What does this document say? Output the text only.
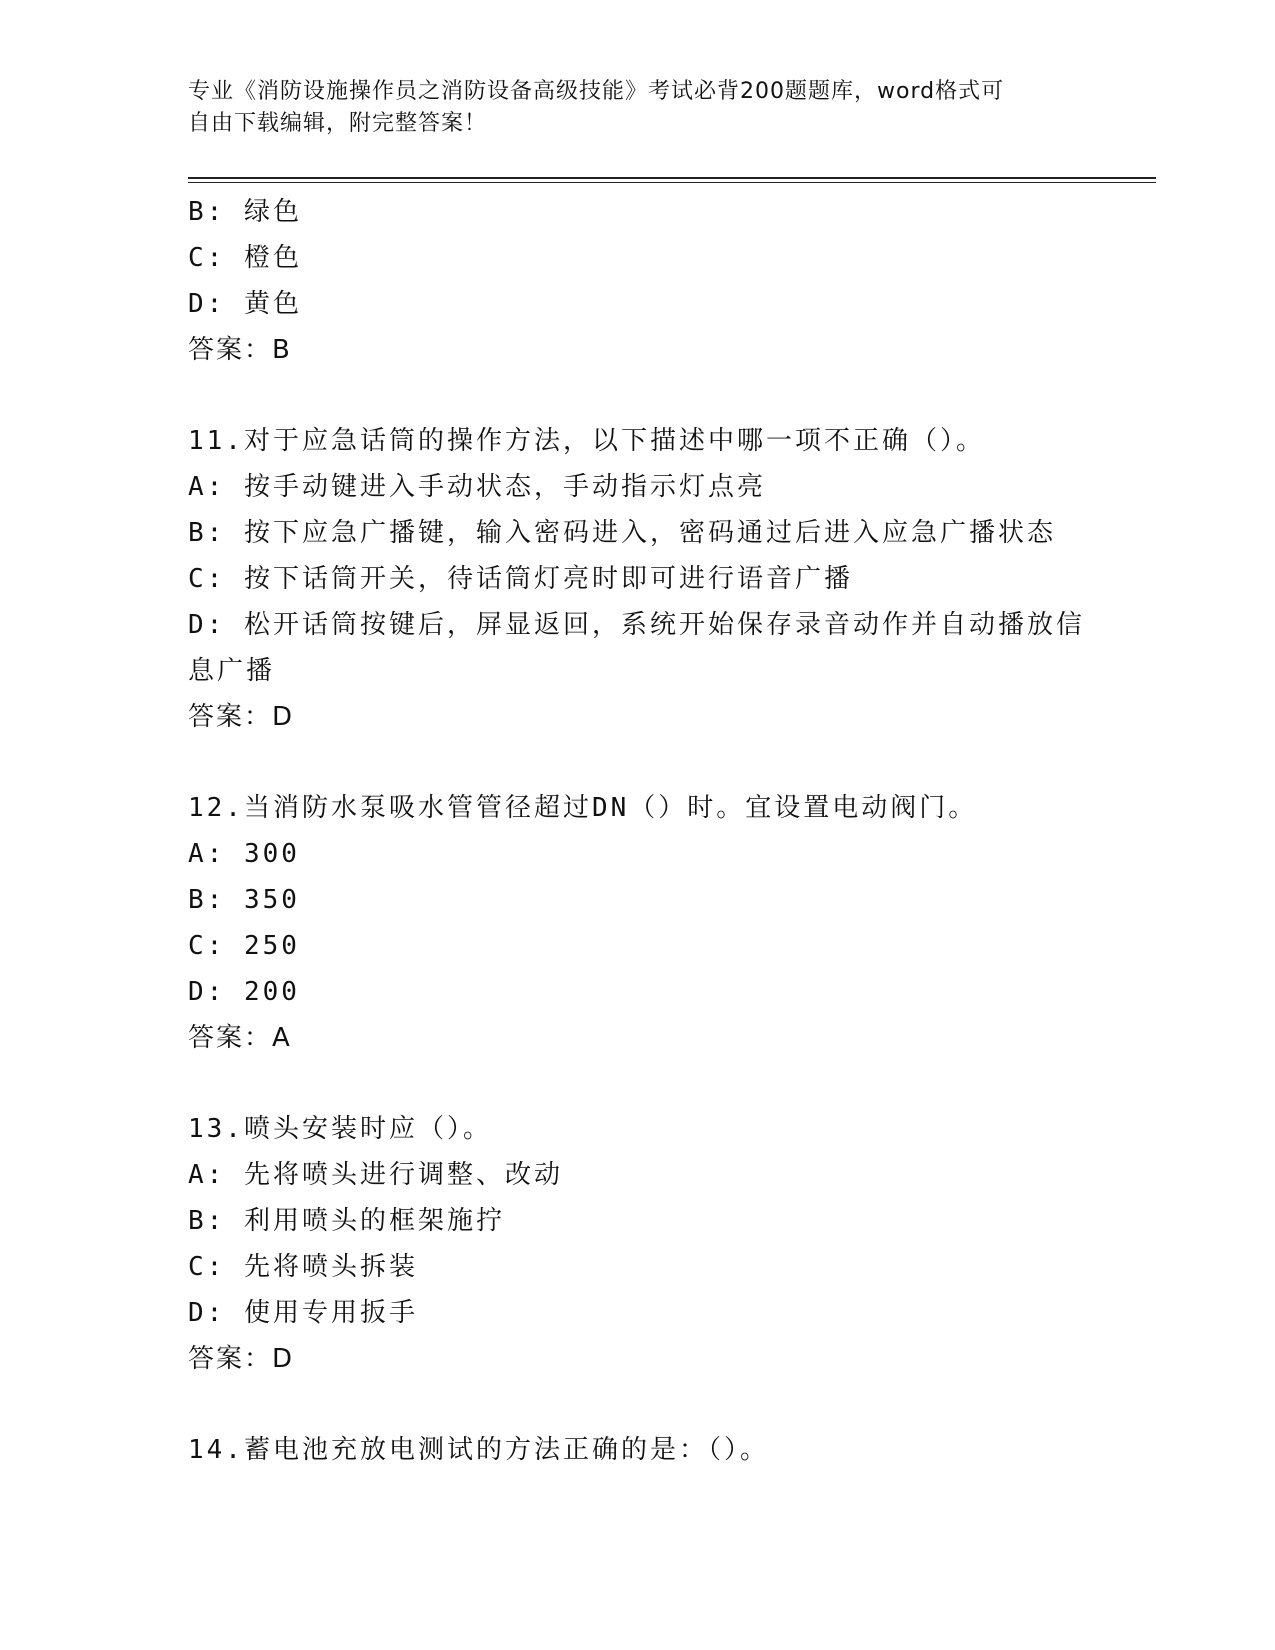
专业《消防设施操作员之消防设备高级技能》考试必背200题题库，word格式可
自由下载编辑，附完整答案！
B: 绿色
C: 橙色
D: 黄色
答案：B
11.对于应急话筒的操作方法，以下描述中哪一项不正确（）。
A: 按手动键进入手动状态，手动指示灯点亮
B: 按下应急广播键，输入密码进入，密码通过后进入应急广播状态
C: 按下话筒开关，待话筒灯亮时即可进行语音广播
D: 松开话筒按键后，屏显返回，系统开始保存录音动作并自动播放信
息广播
答案：D
12.当消防水泵吸水管管径超过DN（）时。宜设置电动阀门。
A: 300
B: 350
C: 250
D: 200
答案：A
13.喷头安装时应（）。
A: 先将喷头进行调整、改动
B: 利用喷头的框架施拧
C: 先将喷头拆装
D: 使用专用扳手
答案：D
14.蓄电池充放电测试的方法正确的是：（）。
